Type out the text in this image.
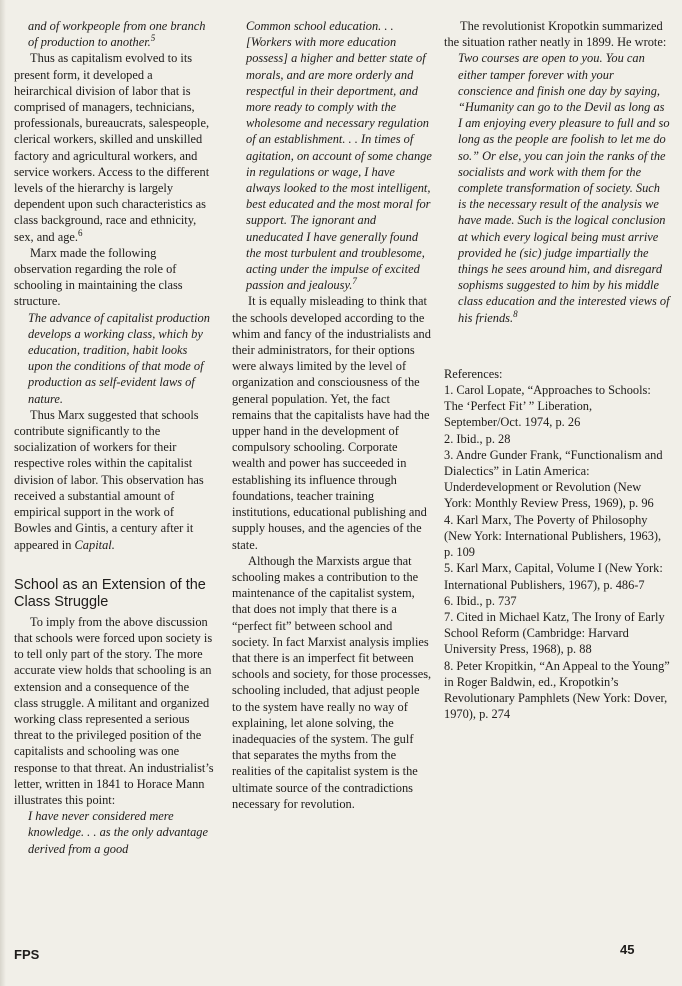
and of workpeople from one branch of production to another.$^5$

Thus as capitalism evolved to its present form, it developed a heirarchical division of labor that is comprised of managers, technicians, professionals, bureaucrats, salespeople, clerical workers, skilled and unskilled factory and agricultural workers, and service workers. Access to the different levels of the hierarchy is largely dependent upon such characteristics as class background, race and ethnicity, sex, and age.$^6$

Marx made the following observation regarding the role of schooling in maintaining the class structure.

The advance of capitalist production develops a working class, which by education, tradition, habit looks upon the conditions of that mode of production as self-evident laws of nature.

Thus Marx suggested that schools contribute significantly to the socialization of workers for their respective roles within the capitalist division of labor. This observation has received a substantial amount of empirical support in the work of Bowles and Gintis, a century after it appeared in Capital.

School as an Extension of the Class Struggle

To imply from the above discussion that schools were forced upon society is to tell only part of the story. The more accurate view holds that schooling is an extension and a consequence of the class struggle. A militant and organized working class represented a serious threat to the privileged position of the capitalists and schooling was one response to that threat. An industrialist’s letter, written in 1841 to Horace Mann illustrates this point:

I have never considered mere knowledge. . . as the only advantage derived from a good

Common school education. . . [Workers with more education possess] a higher and better state of morals, and are more orderly and respectful in their deportment, and more ready to comply with the wholesome and necessary regulation of an establishment. . . In times of agitation, on account of some change in regulations or wage, I have always looked to the most intelligent, best educated and the most moral for support. The ignorant and uneducated I have generally found the most turbulent and troublesome, acting under the impulse of excited passion and jealousy.$^7$

It is equally misleading to think that the schools developed according to the whim and fancy of the industrialists and their administrators, for their options were always limited by the level of organization and consciousness of the general population. Yet, the fact remains that the capitalists have had the upper hand in the development of compulsory schooling. Corporate wealth and power has succeeded in establishing its influence through foundations, teacher training institutions, educational publishing and supply houses, and the agencies of the state.

Although the Marxists argue that schooling makes a contribution to the maintenance of the capitalist system, that does not imply that there is a “perfect fit” between school and society. In fact Marxist analysis implies that there is an imperfect fit between schools and society, for those processes, schooling included, that adjust people to the system have really no way of explaining, let alone solving, the inadequacies of the system. The gulf that separates the myths from the realities of the capitalist system is the ultimate source of the contradictions necessary for revolution.

The revolutionist Kropotkin summarized the situation rather neatly in 1899. He wrote:

Two courses are open to you. You can either tamper forever with your conscience and finish one day by saying, “Humanity can go to the Devil as long as I am enjoying every pleasure to full and so long as the people are foolish to let me do so.” Or else, you can join the ranks of the socialists and work with them for the complete transformation of society. Such is the necessary result of the analysis we have made. Such is the logical conclusion at which every logical being must arrive provided he (sic) judge impartially the things he sees around him, and disregard sophisms suggested to him by his middle class education and the interested views of his friends.$^8$

References:

1. Carol Lopate, “Approaches to Schools: The ‘Perfect Fit’ ” Liberation, September/Oct. 1974, p. 26

2. Ibid., p. 28

3. Andre Gunder Frank, “Functionalism and Dialectics” in Latin America: Underdevelopment or Revolution (New York: Monthly Review Press, 1969), p. 96

4. Karl Marx, The Poverty of Philosophy (New York: International Publishers, 1963), p. 109

5. Karl Marx, Capital, Volume I (New York: International Publishers, 1967), p. 486-7

6. Ibid., p. 737

7. Cited in Michael Katz, The Irony of Early School Reform (Cambridge: Harvard University Press, 1968), p. 88

8. Peter Kropitkin, “An Appeal to the Young” in Roger Baldwin, ed., Kropotkin’s Revolutionary Pamphlets (New York: Dover, 1970), p. 274

FPS	45
